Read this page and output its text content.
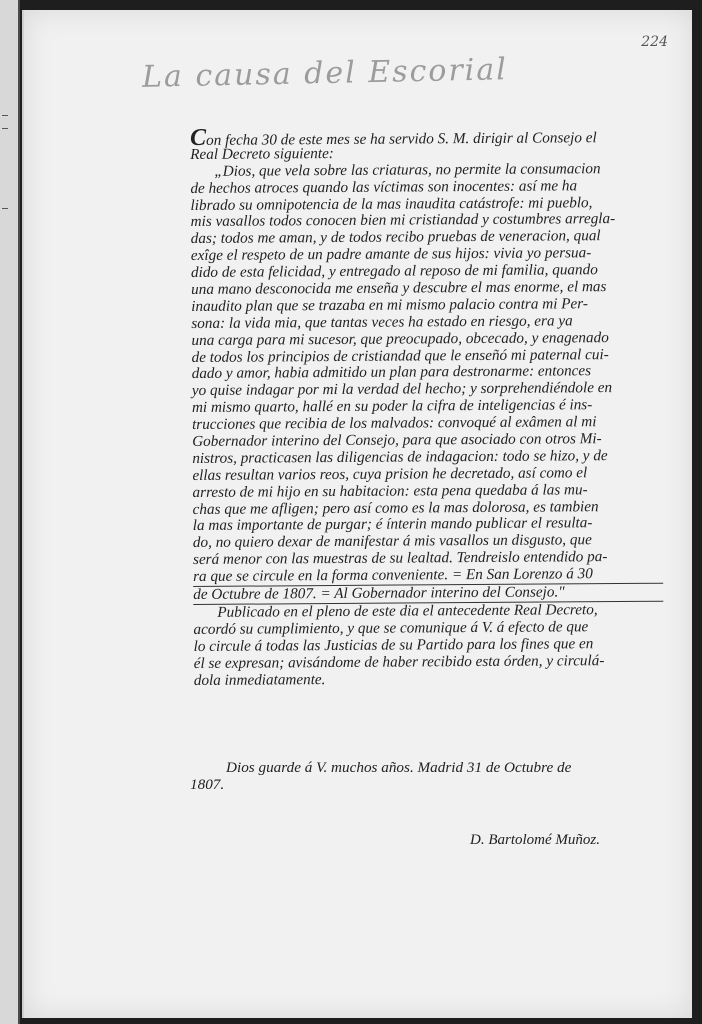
224
La causa del Escorial
Con fecha 30 de este mes se ha servido S. M. dirigir al Consejo el
Real Decreto siguiente:
„Dios, que vela sobre las criaturas, no permite la consumacion
de hechos atroces quando las víctimas son inocentes: así me ha
librado su omnipotencia de la mas inaudita catástrofe: mi pueblo,
mis vasallos todos conocen bien mi cristiandad y costumbres arregla-
das; todos me aman, y de todos recibo pruebas de veneracion, qual
exîge el respeto de un padre amante de sus hijos: vivia yo persua-
dido de esta felicidad, y entregado al reposo de mi familia, quando
una mano desconocida me enseña y descubre el mas enorme, el mas
inaudito plan que se trazaba en mi mismo palacio contra mi Per-
sona: la vida mia, que tantas veces ha estado en riesgo, era ya
una carga para mi sucesor, que preocupado, obcecado, y enagenado
de todos los principios de cristiandad que le enseñó mi paternal cui-
dado y amor, habia admitido un plan para destronarme: entonces
yo quise indagar por mi la verdad del hecho; y sorprehendiéndole en
mi mismo quarto, hallé en su poder la cifra de inteligencias é ins-
trucciones que recibia de los malvados: convoqué al exâmen al mi
Gobernador interino del Consejo, para que asociado con otros Mi-
nistros, practicasen las diligencias de indagacion: todo se hizo, y de
ellas resultan varios reos, cuya prision he decretado, así como el
arresto de mi hijo en su habitacion: esta pena quedaba á las mu-
chas que me afligen; pero así como es la mas dolorosa, es tambien
la mas importante de purgar; é ínterin mando publicar el resulta-
do, no quiero dexar de manifestar á mis vasallos un disgusto, que
será menor con las muestras de su lealtad. Tendreislo entendido pa-
ra que se circule en la forma conveniente. = En San Lorenzo á 30
de Octubre de 1807. = Al Gobernador interino del Consejo."
Publicado en el pleno de este dia el antecedente Real Decreto,
acordó su cumplimiento, y que se comunique á V. á efecto de que
lo circule á todas las Justicias de su Partido para los fines que en
él se expresan; avisándome de haber recibido esta órden, y circulá-
dola inmediatamente.
Dios guarde á V. muchos años. Madrid 31 de Octubre de
1807.
D. Bartolomé Muñoz.
